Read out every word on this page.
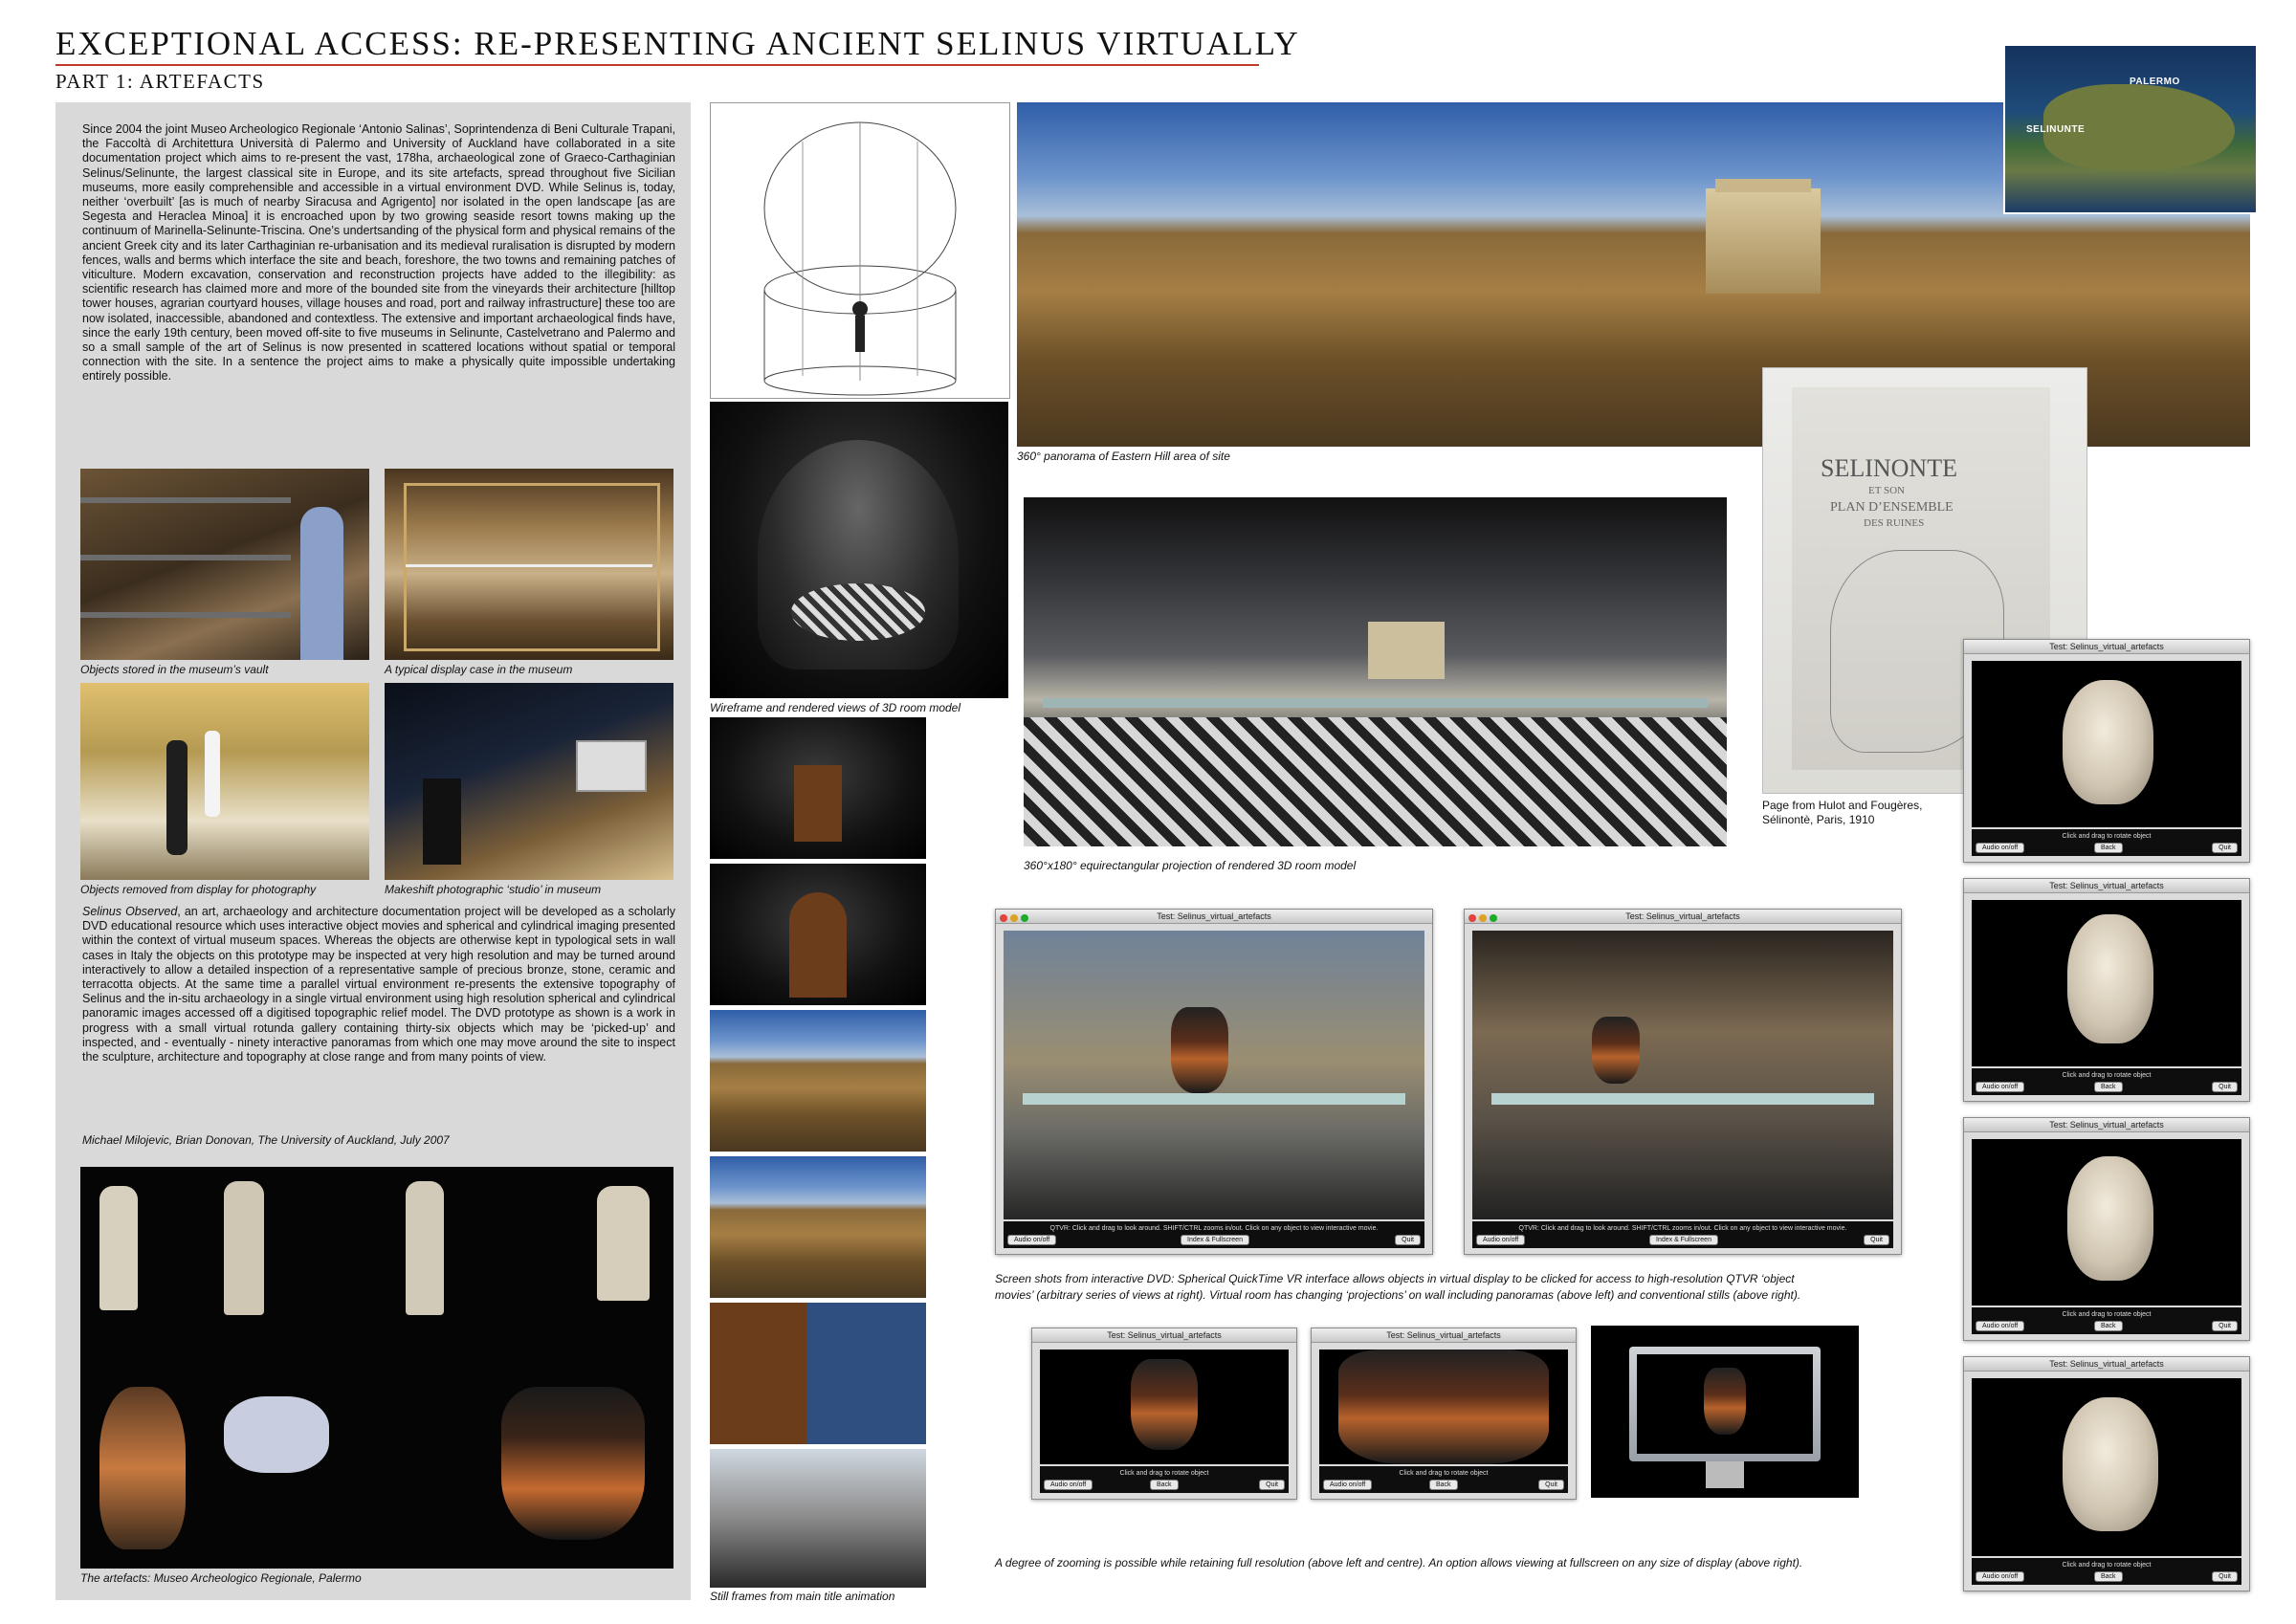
EXCEPTIONAL ACCESS: RE-PRESENTING ANCIENT SELINUS VIRTUALLY
PART 1: ARTEFACTS
Since 2004 the joint Museo Archeologico Regionale ‘Antonio Salinas’, Soprintendenza di Beni Culturale Trapani, the Faccoltà di Architettura Università di Palermo and University of Auckland have collaborated in a site documentation project which aims to re-present the vast, 178ha, archaeological zone of Graeco-Carthaginian Selinus/Selinunte, the largest classical site in Europe, and its site artefacts, spread throughout five Sicilian museums, more easily comprehensible and accessible in a virtual environment DVD. While Selinus is, today, neither ‘overbuilt’ [as is much of nearby Siracusa and Agrigento] nor isolated in the open landscape [as are Segesta and Heraclea Minoa] it is encroached upon by two growing seaside resort towns making up the continuum of Marinella-Selinunte-Triscina. One’s undertsanding of the physical form and physical remains of the ancient Greek city and its later Carthaginian re-urbanisation and its medieval ruralisation is disrupted by modern fences, walls and berms which interface the site and beach, foreshore, the two towns and remaining patches of viticulture. Modern excavation, conservation and reconstruction projects have added to the illegibility: as scientific research has claimed more and more of the bounded site from the vineyards their architecture [hilltop tower houses, agrarian courtyard houses, village houses and road, port and railway infrastructure] these too are now isolated, inaccessible, abandoned and contextless. The extensive and important archaeological finds have, since the early 19th century, been moved off-site to five museums in Selinunte, Castelvetrano and Palermo and so a small sample of the art of Selinus is now presented in scattered locations without spatial or temporal connection with the site. In a sentence the project aims to make a physically quite impossible undertaking entirely possible.
Objects stored in the museum’s vault	A typical display case in the museum
Objects removed from display for photography	Makeshift photographic ‘studio’ in museum
Selinus Observed, an art, archaeology and architecture documentation project will be developed as a scholarly DVD educational resource which uses interactive object movies and spherical and cylindrical imaging presented within the context of virtual museum spaces. Whereas the objects are otherwise kept in typological sets in wall cases in Italy the objects on this prototype may be inspected at very high resolution and may be turned around interactively to allow a detailed inspection of a representative sample of precious bronze, stone, ceramic and terracotta objects. At the same time a parallel virtual environment re-presents the extensive topography of Selinus and the in-situ archaeology in a single virtual environment using high resolution spherical and cylindrical panoramic images accessed off a digitised topographic relief model. The DVD prototype as shown is a work in progress with a small virtual rotunda gallery containing thirty-six objects which may be ‘picked-up’ and inspected, and - eventually - ninety interactive panoramas from which one may move around the site to inspect the sculpture, architecture and topography at close range and from many points of view.
Michael Milojevic, Brian Donovan, The University of Auckland, July 2007
The artefacts: Museo Archeologico Regionale, Palermo
Wireframe and rendered views of 3D room model
Still frames from main title animation
360° panorama of Eastern Hill area of site
PALERMO
SELINUNTE
SELINONTE
ET SON
PLAN D’ENSEMBLE
DES RUINES
Page from Hulot and Fougères,
Sélinontè, Paris, 1910
360°x180° equirectangular projection of rendered 3D room model
Test: Selinus_virtual_artefacts
QTVR: Click and drag to look around. SHIFT/CTRL zooms in/out. Click on any object to view interactive movie.
Audio on/off	Index & Fullscreen	Quit
Test: Selinus_virtual_artefacts
QTVR: Click and drag to look around. SHIFT/CTRL zooms in/out. Click on any object to view interactive movie.
Audio on/off	Index & Fullscreen	Quit
Screen shots from interactive DVD: Spherical QuickTime VR interface allows objects in virtual display to be clicked for access to high-resolution QTVR ‘object
movies’ (arbitrary series of views at right). Virtual room has changing ‘projections’ on wall including panoramas (above left) and conventional stills (above right).
Test: Selinus_virtual_artefacts
Click and drag to rotate object
Audio on/off	Back	Quit
Test: Selinus_virtual_artefacts
Click and drag to rotate object
Audio on/off	Back	Quit
A degree of zooming is possible while retaining full resolution (above left and centre). An option allows viewing at fullscreen on any size of display (above right).
Test: Selinus_virtual_artefacts
Click and drag to rotate object
Audio on/off	Back	Quit
Test: Selinus_virtual_artefacts
Click and drag to rotate object
Audio on/off	Back	Quit
Test: Selinus_virtual_artefacts
Click and drag to rotate object
Audio on/off	Back	Quit
Test: Selinus_virtual_artefacts
Click and drag to rotate object
Audio on/off	Back	Quit
